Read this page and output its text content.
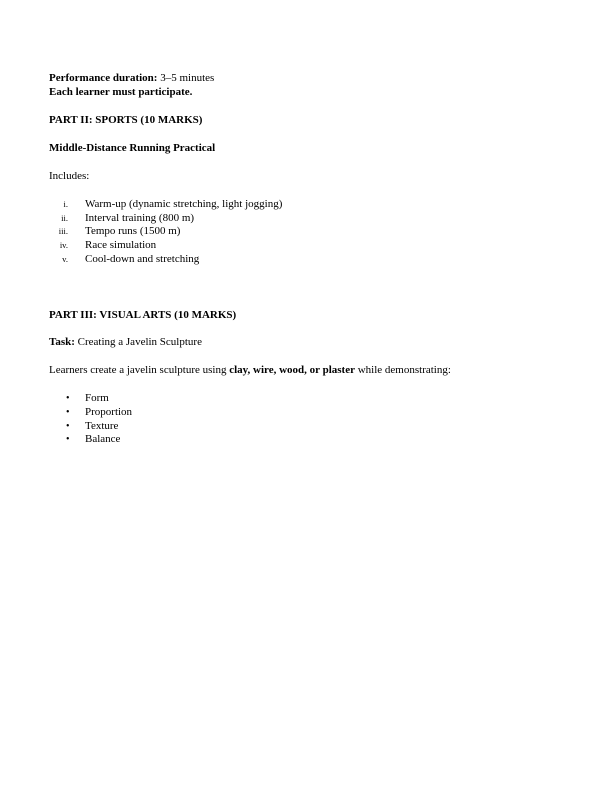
Performance duration: 3–5 minutes
Each learner must participate.
PART II: SPORTS (10 MARKS)
Middle-Distance Running Practical
Includes:
i. Warm-up (dynamic stretching, light jogging)
ii. Interval training (800 m)
iii. Tempo runs (1500 m)
iv. Race simulation
v. Cool-down and stretching
PART III: VISUAL ARTS (10 MARKS)
Task: Creating a Javelin Sculpture
Learners create a javelin sculpture using clay, wire, wood, or plaster while demonstrating:
• Form
• Proportion
• Texture
• Balance
